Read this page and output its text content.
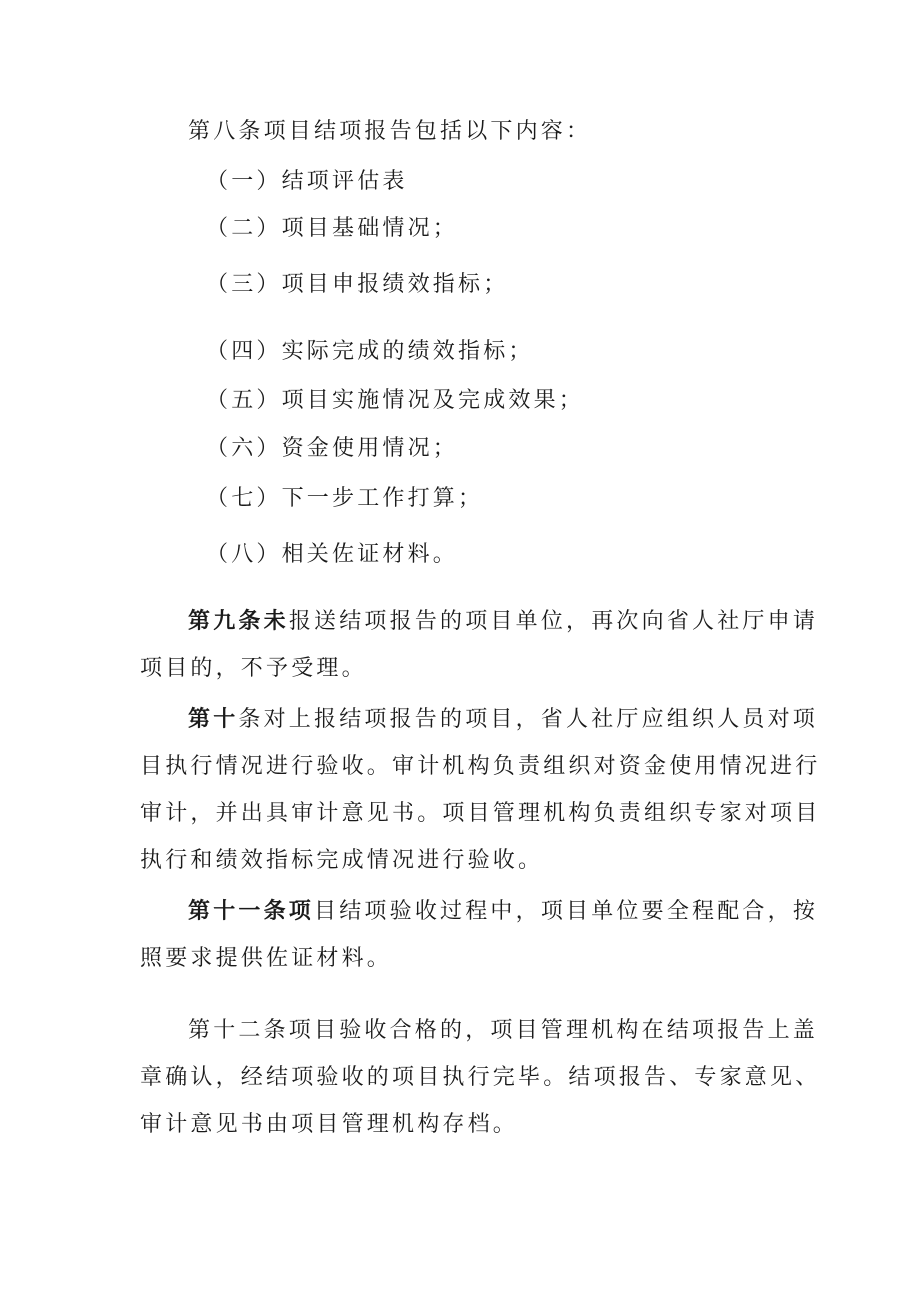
第八条项目结项报告包括以下内容：
（一）结项评估表
（二）项目基础情况；
（三）项目申报绩效指标；
（四）实际完成的绩效指标；
（五）项目实施情况及完成效果；
（六）资金使用情况；
（七）下一步工作打算；
（八）相关佐证材料。
第九条未报送结项报告的项目单位，再次向省人社厅申请
项目的，不予受理。
第十条对上报结项报告的项目，省人社厅应组织人员对项
目执行情况进行验收。审计机构负责组织对资金使用情况进行
审计，并出具审计意见书。项目管理机构负责组织专家对项目
执行和绩效指标完成情况进行验收。
第十一条项目结项验收过程中，项目单位要全程配合，按
照要求提供佐证材料。
第十二条项目验收合格的，项目管理机构在结项报告上盖
章确认，经结项验收的项目执行完毕。结项报告、专家意见、
审计意见书由项目管理机构存档。
